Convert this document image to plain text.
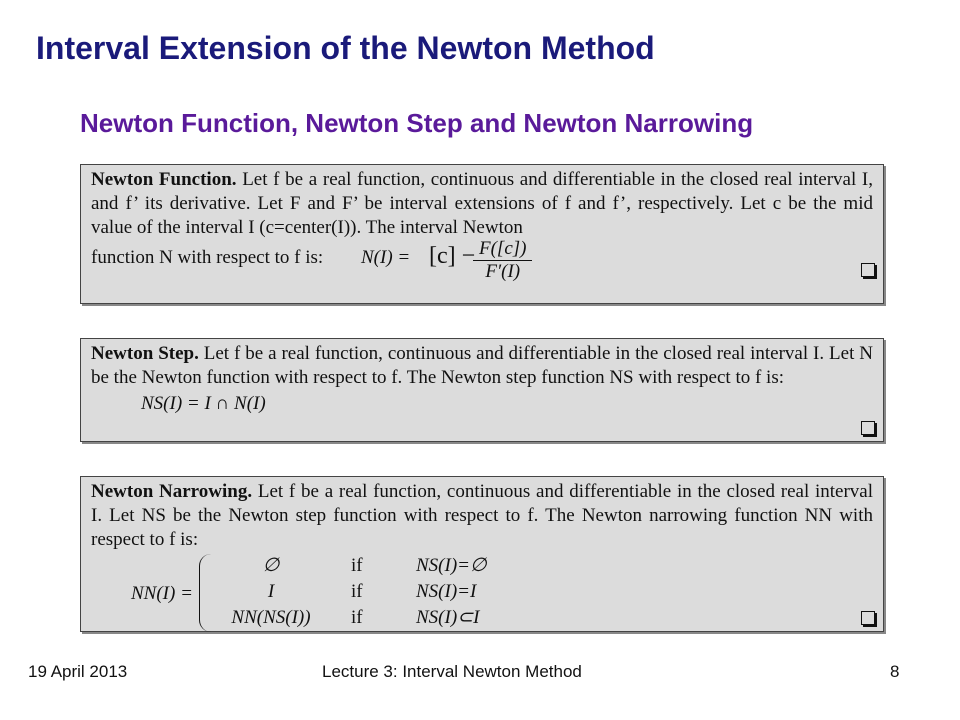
Interval Extension of the Newton Method
Newton Function, Newton Step and Newton Narrowing

Newton Function. Let f be a real function, continuous and differentiable in the closed real interval I, and f’ its derivative. Let F and F’ be interval extensions of f and f’, respectively. Let c be the mid value of the interval I (c=center(I)). The interval Newton

function N with respect to f is: N(I) = [c] −
$\frac{F([c])}{F'(I)}$

Newton Step. Let f be a real function, continuous and differentiable in the closed real interval I. Let N be the Newton function with respect to f. The Newton step function NS with respect to f is:

NS(I) = I ∩ N(I)

Newton Narrowing. Let f be a real function, continuous and differentiable in the closed real interval I. Let NS be the Newton step function with respect to f. The Newton narrowing function NN with respect to f is:

NN(I) =
∅	if	NS(I)=∅
I	if	NS(I)=I
NN(NS(I))	if	NS(I)⊂I
19 April 2013	Lecture 3: Interval Newton Method	8
